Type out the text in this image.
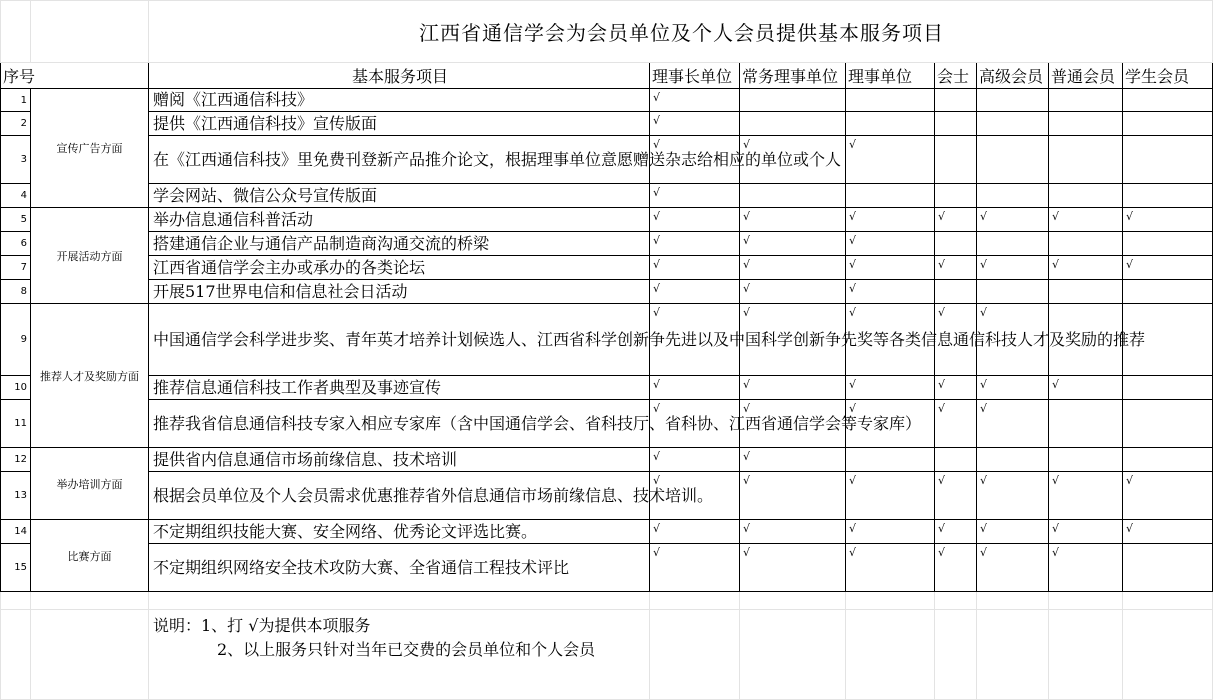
		江西省通信学会为会员单位及个人会员提供基本服务项目							
序号		基本服务项目	理事长单位	常务理事单位	理事单位	会士	高级会员	普通会员	学生会员
1	宣传广告方面	赠阅《江西通信科技》	√						
2		提供《江西通信科技》宣传版面	√						
3		在《江西通信科技》里免费刊登新产品推介论文，根据理事单位意愿赠送杂志给相应的单位或个人	√	√	√				
4		学会网站、微信公众号宣传版面	√						
5	开展活动方面	举办信息通信科普活动	√	√	√	√	√	√	√
6		搭建通信企业与通信产品制造商沟通交流的桥梁	√	√	√				
7		江西省通信学会主办或承办的各类论坛	√	√	√	√	√	√	√
8		开展517世界电信和信息社会日活动	√	√	√				
9	推荐人才及奖励方面	中国通信学会科学进步奖、青年英才培养计划候选人、江西省科学创新争先进以及中国科学创新争先奖等各类信息通信科技人才及奖励的推荐	√	√	√	√	√		
10		推荐信息通信科技工作者典型及事迹宣传	√	√	√	√	√	√	
11		推荐我省信息通信科技专家入相应专家库（含中国通信学会、省科技厅、省科协、江西省通信学会等专家库）	√	√	√	√	√		
12	举办培训方面	提供省内信息通信市场前缘信息、技术培训	√	√					
13		根据会员单位及个人会员需求优惠推荐省外信息通信市场前缘信息、技术培训。	√	√	√	√	√	√	√
14	比赛方面	不定期组织技能大赛、安全网络、优秀论文评选比赛。	√	√	√	√	√	√	√
15		不定期组织网络安全技术攻防大赛、全省通信工程技术评比	√	√	√	√	√	√	

		说明：1、打 √为提供本项服务
2、以上服务只针对当年已交费的会员单位和个人会员							
